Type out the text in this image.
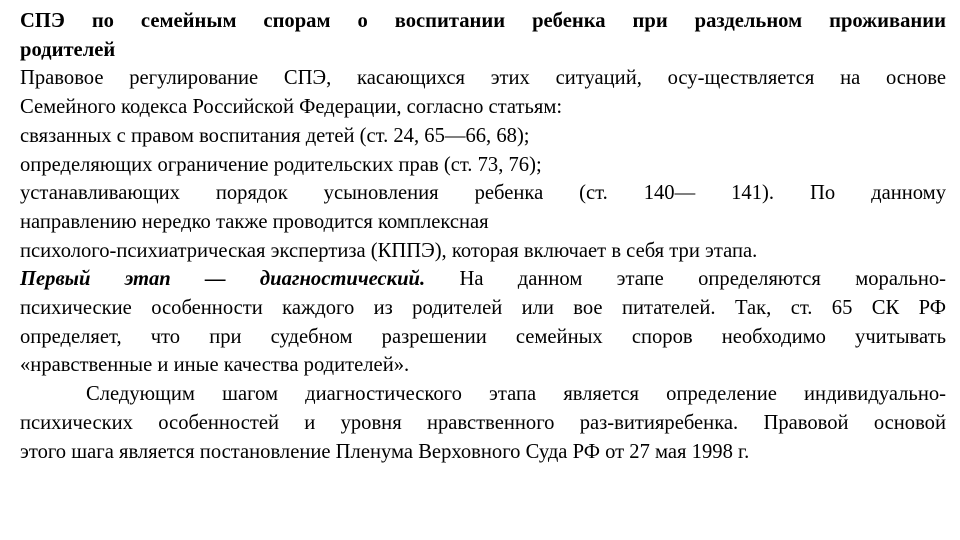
СПЭ по семейным спорам о воспитании ребенка при раздельном проживании
родителей
Правовое регулирование СПЭ, касающихся этих ситуаций, осу-ществляется на основе
Семейного кодекса Российской Федерации, согласно статьям:
связанных с правом воспитания детей (ст. 24, 65—66, 68);
определяющих ограничение родительских прав (ст. 73, 76);
устанавливающих порядок усыновления ребенка (ст. 140— 141). По данному
направлению нередко также проводится комплексная
психолого-психиатрическая экспертиза (КППЭ), которая включает в себя три этапа.
Первый этап — диагностический. На данном этапе определяются морально-
психические особенности каждого из родителей или вое питателей. Так, ст. 65 СК РФ
определяет, что при судебном разрешении семейных споров необходимо учитывать
«нравственные и иные качества родителей».
Следующим шагом диагностического этапа является определение индивидуально-
психических особенностей и уровня нравственного раз-витияребенка. Правовой основой
этого шага является постановление Пленума Верховного Суда РФ от 27 мая 1998 г.
